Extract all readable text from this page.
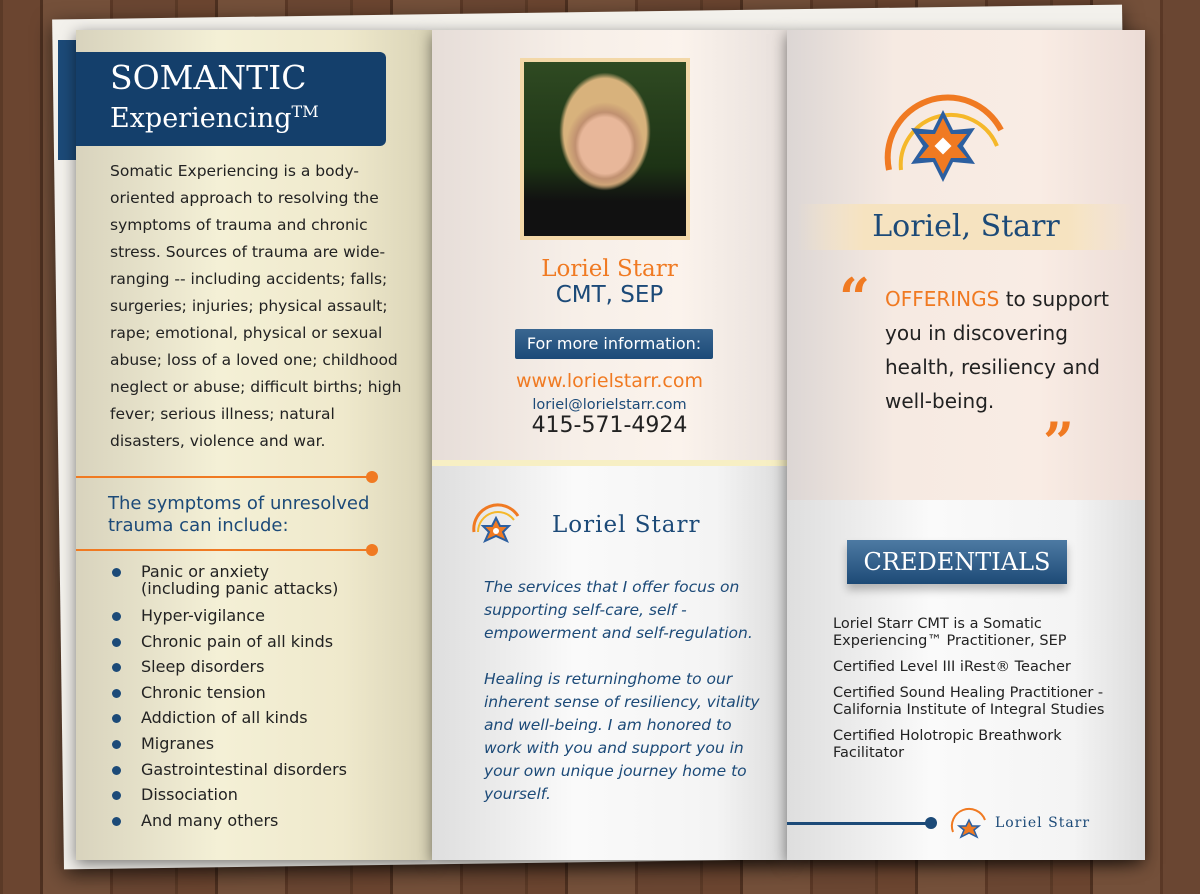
SOMANTIC
Experiencing™

Somatic Experiencing is a body-oriented approach to resolving the symptoms of trauma and chronic stress. Sources of trauma are wide-ranging -- including accidents; falls; surgeries; injuries; physical assault; rape; emotional, physical or sexual abuse; loss of a loved one; childhood neglect or abuse; difficult births; high fever; serious illness; natural disasters, violence and war.

The symptoms of unresolved trauma can include:
Panic or anxiety (including panic attacks)
Hyper-vigilance
Chronic pain of all kinds
Sleep disorders
Chronic tension
Addiction of all kinds
Migranes
Gastrointestinal disorders
Dissociation
And many others
Loriel Starr
CMT, SEP
For more information:
www.lorielstarr.com
loriel@lorielstarr.com
415-571-4924
Loriel Starr

The services that I offer focus on supporting self-care, self - empowerment and self-regulation.

Healing is returninghome to our inherent sense of resiliency, vitality and well-being. I am honored to work with you and support you in your own unique journey home to yourself.

Loriel, Starr
“ OFFERINGS to support you in discovering health, resiliency and well-being.
”
CREDENTIALS
Loriel Starr CMT is a Somatic Experiencing™ Practitioner, SEP
Certified Level III iRest® Teacher
Certified Sound Healing Practitioner - California Institute of Integral Studies
Certified Holotropic Breathwork Facilitator
Loriel Starr
